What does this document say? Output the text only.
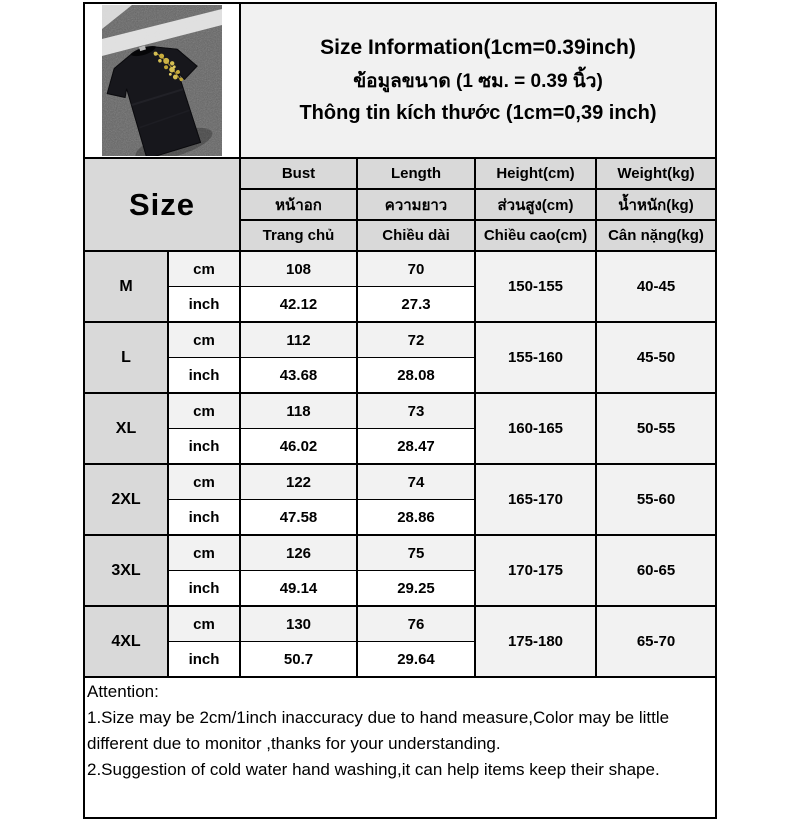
Size Information(1cm=0.39inch)
ข้อมูลขนาด (1 ซม. = 0.39 นิ้ว)
Thông tin kích thước (1cm=0,39 inch)			

Size		Bust	Length	Height(cm)	Weight(kg)
		หน้าอก	ความยาว	ส่วนสูง(cm)	น้ำหนัก(kg)
		Trang chủ	Chiều dài	Chiều cao(cm)	Cân nặng(kg)
M	cm	108	70	150-155	40-45
	inch	42.12	27.3		
L	cm	112	72	155-160	45-50
	inch	43.68	28.08		
XL	cm	118	73	160-165	50-55
	inch	46.02	28.47		
2XL	cm	122	74	165-170	55-60
	inch	47.58	28.86		
3XL	cm	126	75	170-175	60-65
	inch	49.14	29.25		
4XL	cm	130	76	175-180	65-70
	inch	50.7	29.64		

Attention:
1.Size may be 2cm/1inch inaccuracy due to hand measure,Color may be little different due to monitor ,thanks for your understanding.
2.Suggestion of cold water hand washing,it can help items keep their shape.					
